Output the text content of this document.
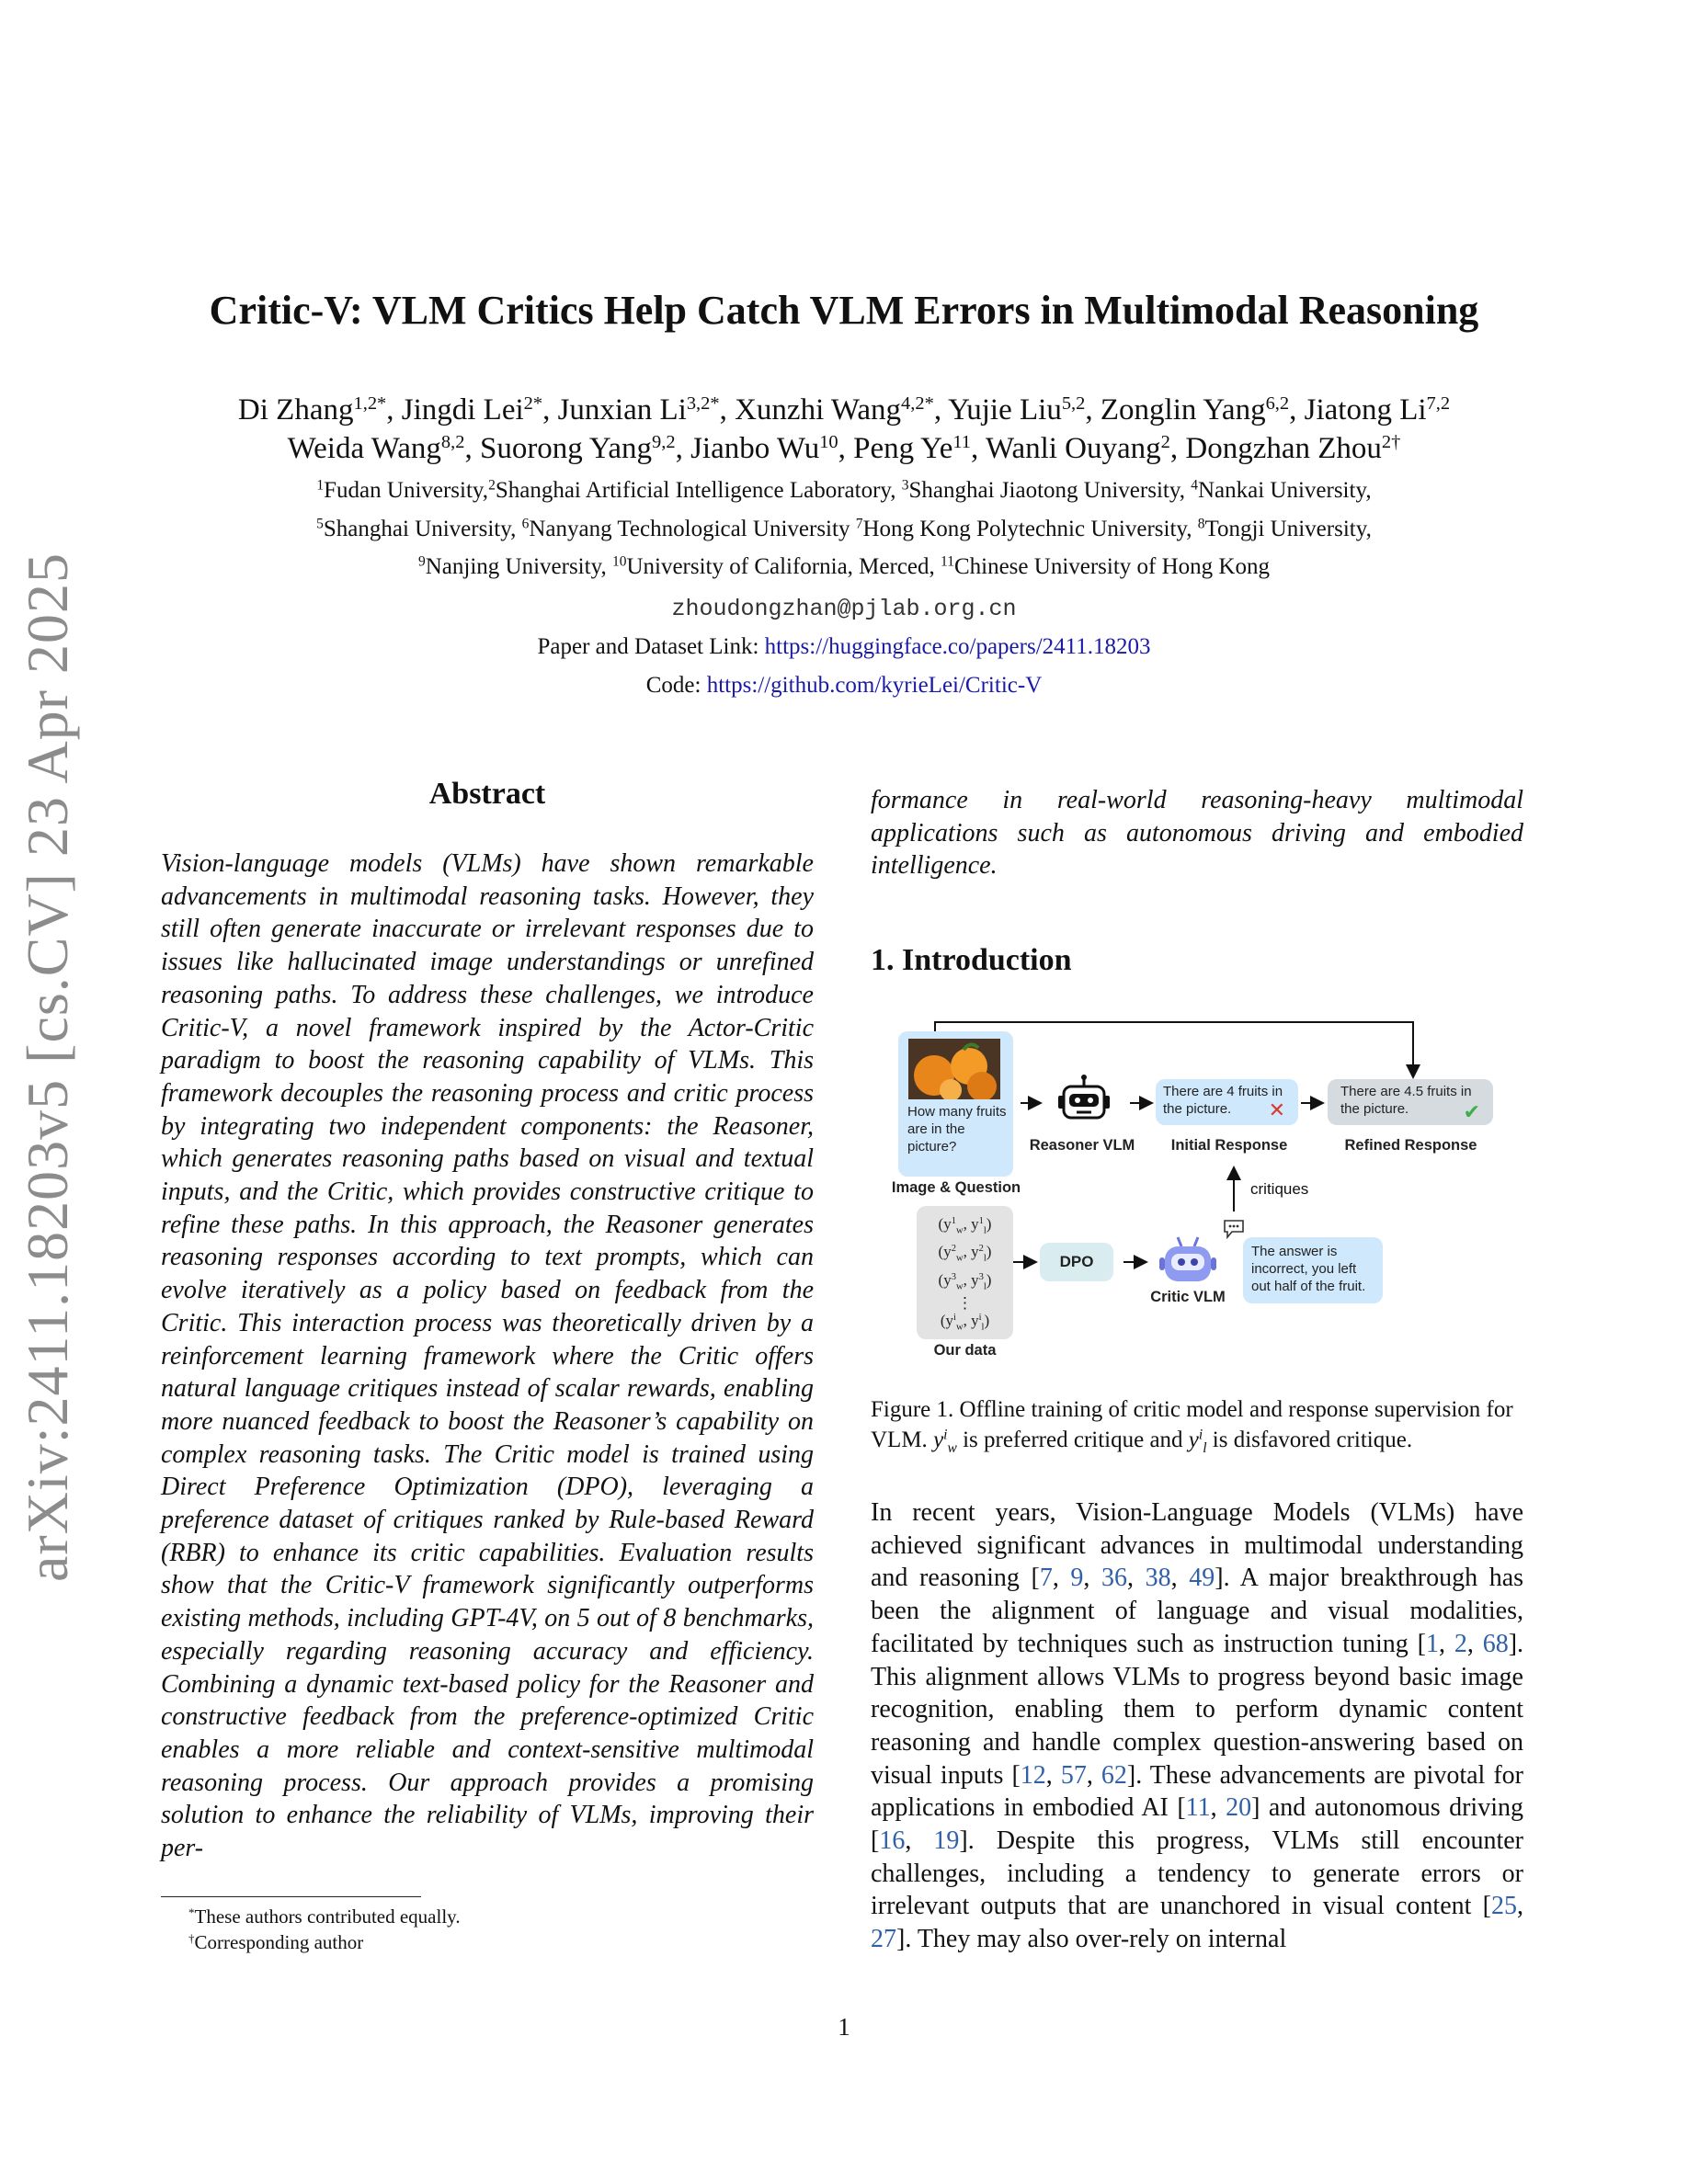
arXiv:2411.18203v5 [cs.CV] 23 Apr 2025
Critic-V: VLM Critics Help Catch VLM Errors in Multimodal Reasoning
Di Zhang$^{1,2*}$, Jingdi Lei$^{2*}$, Junxian $Li^{3,2*}$, Xunzhi Wang$^{4,2*}$, Yujie Liu$^{5,2}$, Zonglin Yang$^{6,2}$, Jiatong Li$^{7,2}$
Weida Wang$^{8,2}$, Suorong Yang$^{9,2}$, Jianbo Wu$^{10}$, Peng Ye$^{11}$, Wanli Ouyang$^2$, Dongzhan Zhou$^{2\dagger}$
$^1$Fudan University,$^2$Shanghai Artificial Intelligence Laboratory, $^3$Shanghai Jiaotong University, $^4$Nankai University,
$^5$Shanghai University, $^6$Nanyang Technological University $^7$Hong Kong Polytechnic University, $^8$Tongji University,
$^9$Nanjing University, $^{10}$University of California, Merced, $^{11}$Chinese University of Hong Kong
zhoudongzhan@pjlab.org.cn
Paper and Dataset Link: https://huggingface.co/papers/2411.18203
Code: https://github.com/kyrieLei/Critic-V
Abstract
Vision-language models (VLMs) have shown remarkable advancements in multimodal reasoning tasks. However, they still often generate inaccurate or irrelevant responses due to issues like hallucinated image understandings or unrefined reasoning paths. To address these challenges, we introduce Critic-V, a novel framework inspired by the Actor-Critic paradigm to boost the reasoning capability of VLMs. This framework decouples the reasoning process and critic process by integrating two independent components: the Reasoner, which generates reasoning paths based on visual and textual inputs, and the Critic, which provides constructive critique to refine these paths. In this approach, the Reasoner generates reasoning responses according to text prompts, which can evolve iteratively as a policy based on feedback from the Critic. This interaction process was theoretically driven by a reinforcement learning framework where the Critic offers natural language critiques instead of scalar rewards, enabling more nuanced feedback to boost the Reasoner’s capability on complex reasoning tasks. The Critic model is trained using Direct Preference Optimization (DPO), leveraging a preference dataset of critiques ranked by Rule-based Reward (RBR) to enhance its critic capabilities. Evaluation results show that the Critic-V framework significantly outperforms existing methods, including GPT-4V, on 5 out of 8 benchmarks, especially regarding reasoning accuracy and efficiency. Combining a dynamic text-based policy for the Reasoner and constructive feedback from the preference-optimized Critic enables a more reliable and context-sensitive multimodal reasoning process. Our approach provides a promising solution to enhance the reliability of VLMs, improving their per-
formance in real-world reasoning-heavy multimodal applications such as autonomous driving and embodied intelligence.
1. Introduction
How many fruits are in the picture?
Image & Question
Reasoner VLM
There are 4 fruits in the picture. ✕
Initial Response
There are 4.5 fruits in the picture.	✔
Refined Response
critiques
($y^1_w$, $y^1_l$)
($y^2_w$, $y^2_l$)
($y^3_w$, $y^3_l$)
⋮
($y^i_w$, $y^i_l$)
Our data
DPO
Critic VLM
The answer is incorrect, you left out half of the fruit.
Figure 1. Offline training of critic model and response supervision for VLM. $y^i_w$ is preferred critique and $y^i_l$ is disfavored critique.
In recent years, Vision-Language Models (VLMs) have achieved significant advances in multimodal understanding and reasoning [7, 9, 36, 38, 49]. A major breakthrough has been the alignment of language and visual modalities, facilitated by techniques such as instruction tuning [1, 2, 68]. This alignment allows VLMs to progress beyond basic image recognition, enabling them to perform dynamic content reasoning and handle complex question-answering based on visual inputs [12, 57, 62]. These advancements are pivotal for applications in embodied AI [11, 20] and autonomous driving [16, 19]. Despite this progress, VLMs still encounter challenges, including a tendency to generate errors or irrelevant outputs that are unanchored in visual content [25, 27]. They may also over-rely on internal
*These authors contributed equally.
†Corresponding author
1
